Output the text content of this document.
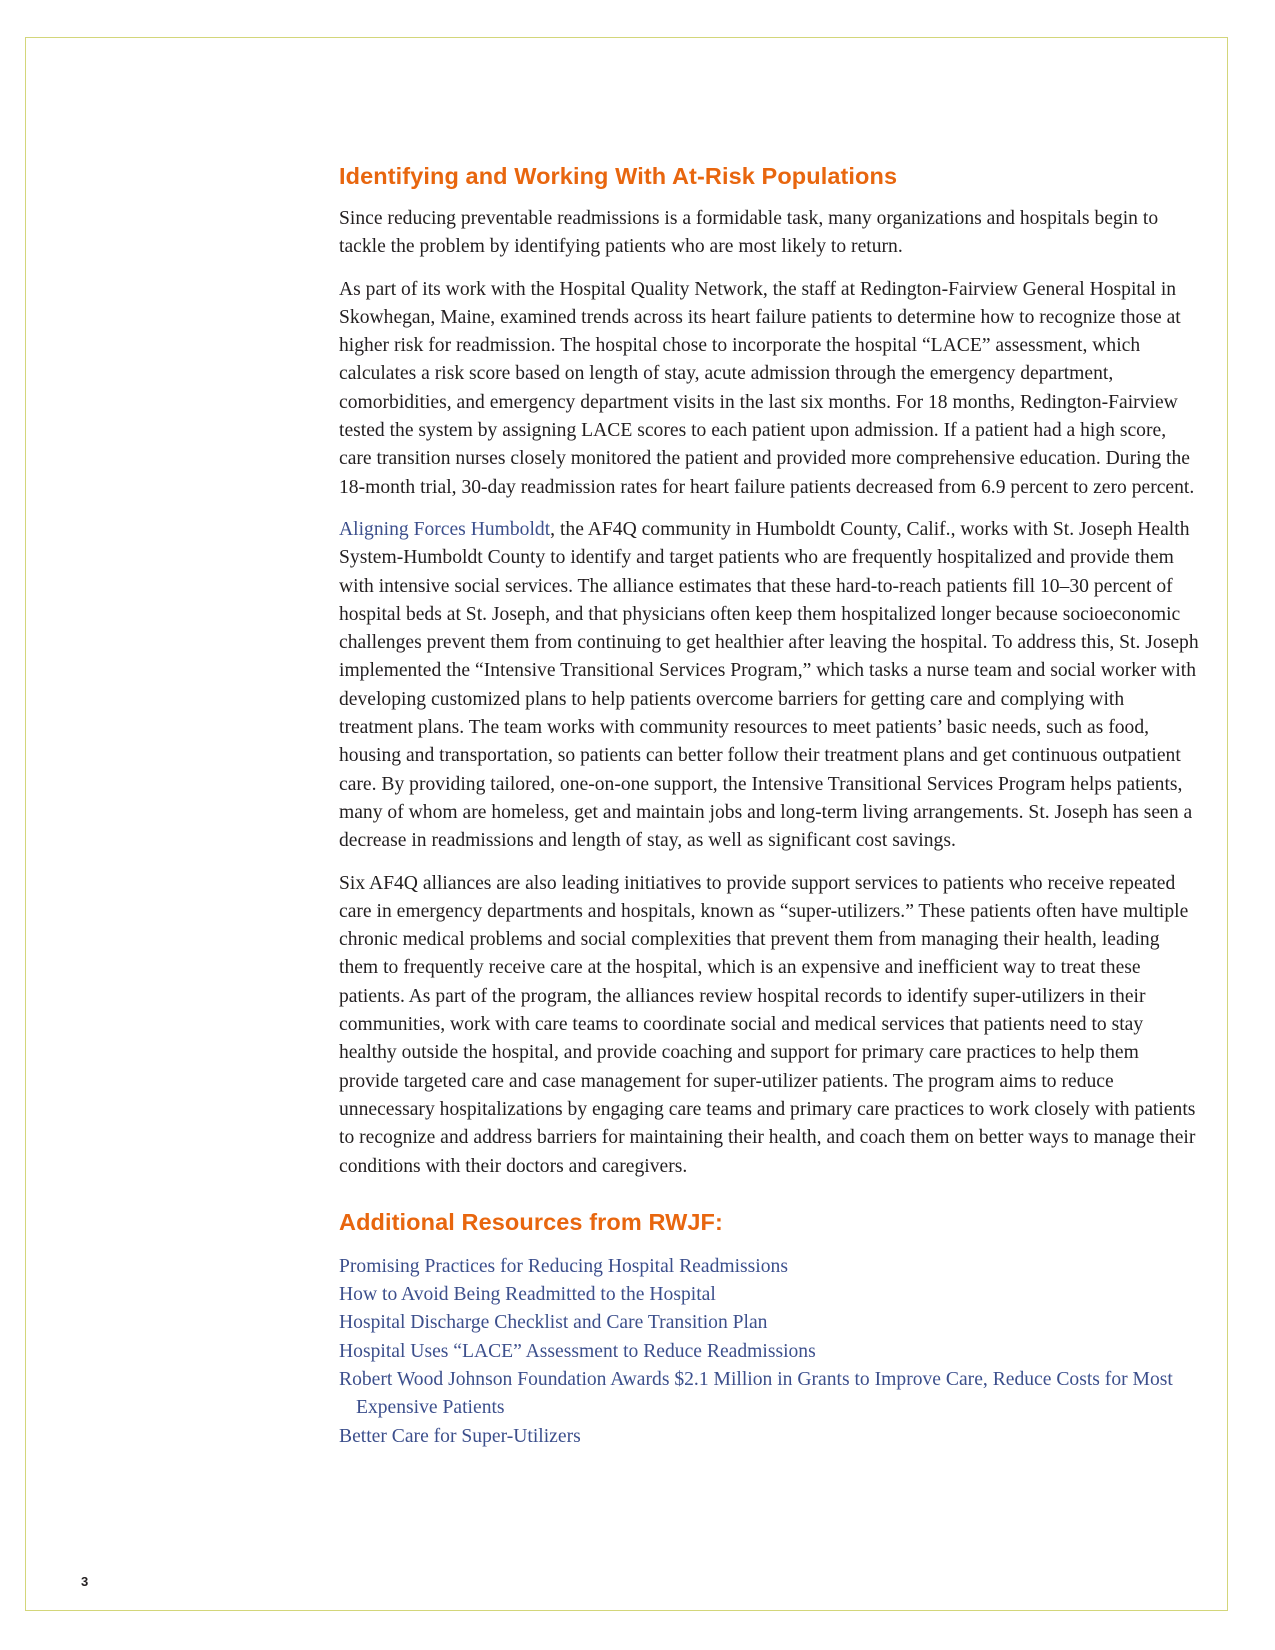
Identifying and Working With At-Risk Populations

Since reducing preventable readmissions is a formidable task, many organizations and hospitals begin to tackle the problem by identifying patients who are most likely to return.

As part of its work with the Hospital Quality Network, the staff at Redington-Fairview General Hospital in Skowhegan, Maine, examined trends across its heart failure patients to determine how to recognize those at higher risk for readmission. The hospital chose to incorporate the hospital “LACE” assessment, which calculates a risk score based on length of stay, acute admission through the emergency department, comorbidities, and emergency department visits in the last six months. For 18 months, Redington-Fairview tested the system by assigning LACE scores to each patient upon admission. If a patient had a high score, care transition nurses closely monitored the patient and provided more comprehensive education. During the 18-month trial, 30-day readmission rates for heart failure patients decreased from 6.9 percent to zero percent.

Aligning Forces Humboldt, the AF4Q community in Humboldt County, Calif., works with St. Joseph Health System-Humboldt County to identify and target patients who are frequently hospitalized and provide them with intensive social services. The alliance estimates that these hard-to-reach patients fill 10–30 percent of hospital beds at St. Joseph, and that physicians often keep them hospitalized longer because socioeconomic challenges prevent them from continuing to get healthier after leaving the hospital. To address this, St. Joseph implemented the “Intensive Transitional Services Program,” which tasks a nurse team and social worker with developing customized plans to help patients overcome barriers for getting care and complying with treatment plans. The team works with community resources to meet patients’ basic needs, such as food, housing and transportation, so patients can better follow their treatment plans and get continuous outpatient care. By providing tailored, one-on-one support, the Intensive Transitional Services Program helps patients, many of whom are homeless, get and maintain jobs and long-term living arrangements. St. Joseph has seen a decrease in readmissions and length of stay, as well as significant cost savings.

Six AF4Q alliances are also leading initiatives to provide support services to patients who receive repeated care in emergency departments and hospitals, known as “super-utilizers.” These patients often have multiple chronic medical problems and social complexities that prevent them from managing their health, leading them to frequently receive care at the hospital, which is an expensive and inefficient way to treat these patients. As part of the program, the alliances review hospital records to identify super-utilizers in their communities, work with care teams to coordinate social and medical services that patients need to stay healthy outside the hospital, and provide coaching and support for primary care practices to help them provide targeted care and case management for super-utilizer patients. The program aims to reduce unnecessary hospitalizations by engaging care teams and primary care practices to work closely with patients to recognize and address barriers for maintaining their health, and coach them on better ways to manage their conditions with their doctors and caregivers.

Additional Resources from RWJF:
Promising Practices for Reducing Hospital Readmissions
How to Avoid Being Readmitted to the Hospital
Hospital Discharge Checklist and Care Transition Plan
Hospital Uses “LACE” Assessment to Reduce Readmissions
Robert Wood Johnson Foundation Awards $2.1 Million in Grants to Improve Care, Reduce Costs for Most Expensive Patients
Better Care for Super-Utilizers
3
